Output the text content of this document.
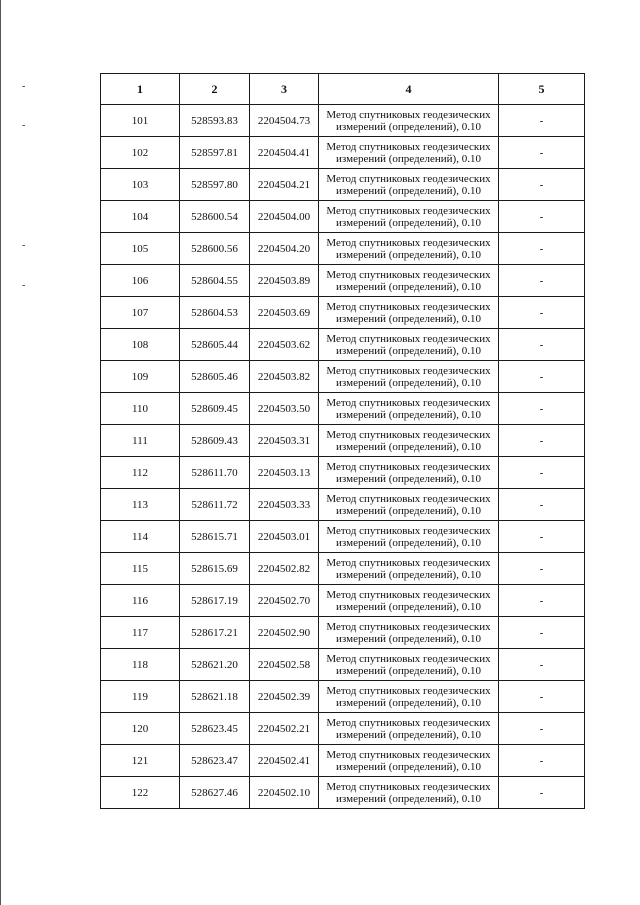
-
-
-
-
1	2	3	4	5
101	528593.83	2204504.73	Метод спутниковых геодезических измерений (определений), 0.10	-
102	528597.81	2204504.41	Метод спутниковых геодезических измерений (определений), 0.10	-
103	528597.80	2204504.21	Метод спутниковых геодезических измерений (определений), 0.10	-
104	528600.54	2204504.00	Метод спутниковых геодезических измерений (определений), 0.10	-
105	528600.56	2204504.20	Метод спутниковых геодезических измерений (определений), 0.10	-
106	528604.55	2204503.89	Метод спутниковых геодезических измерений (определений), 0.10	-
107	528604.53	2204503.69	Метод спутниковых геодезических измерений (определений), 0.10	-
108	528605.44	2204503.62	Метод спутниковых геодезических измерений (определений), 0.10	-
109	528605.46	2204503.82	Метод спутниковых геодезических измерений (определений), 0.10	-
110	528609.45	2204503.50	Метод спутниковых геодезических измерений (определений), 0.10	-
111	528609.43	2204503.31	Метод спутниковых геодезических измерений (определений), 0.10	-
112	528611.70	2204503.13	Метод спутниковых геодезических измерений (определений), 0.10	-
113	528611.72	2204503.33	Метод спутниковых геодезических измерений (определений), 0.10	-
114	528615.71	2204503.01	Метод спутниковых геодезических измерений (определений), 0.10	-
115	528615.69	2204502.82	Метод спутниковых геодезических измерений (определений), 0.10	-
116	528617.19	2204502.70	Метод спутниковых геодезических измерений (определений), 0.10	-
117	528617.21	2204502.90	Метод спутниковых геодезических измерений (определений), 0.10	-
118	528621.20	2204502.58	Метод спутниковых геодезических измерений (определений), 0.10	-
119	528621.18	2204502.39	Метод спутниковых геодезических измерений (определений), 0.10	-
120	528623.45	2204502.21	Метод спутниковых геодезических измерений (определений), 0.10	-
121	528623.47	2204502.41	Метод спутниковых геодезических измерений (определений), 0.10	-
122	528627.46	2204502.10	Метод спутниковых геодезических измерений (определений), 0.10	-
